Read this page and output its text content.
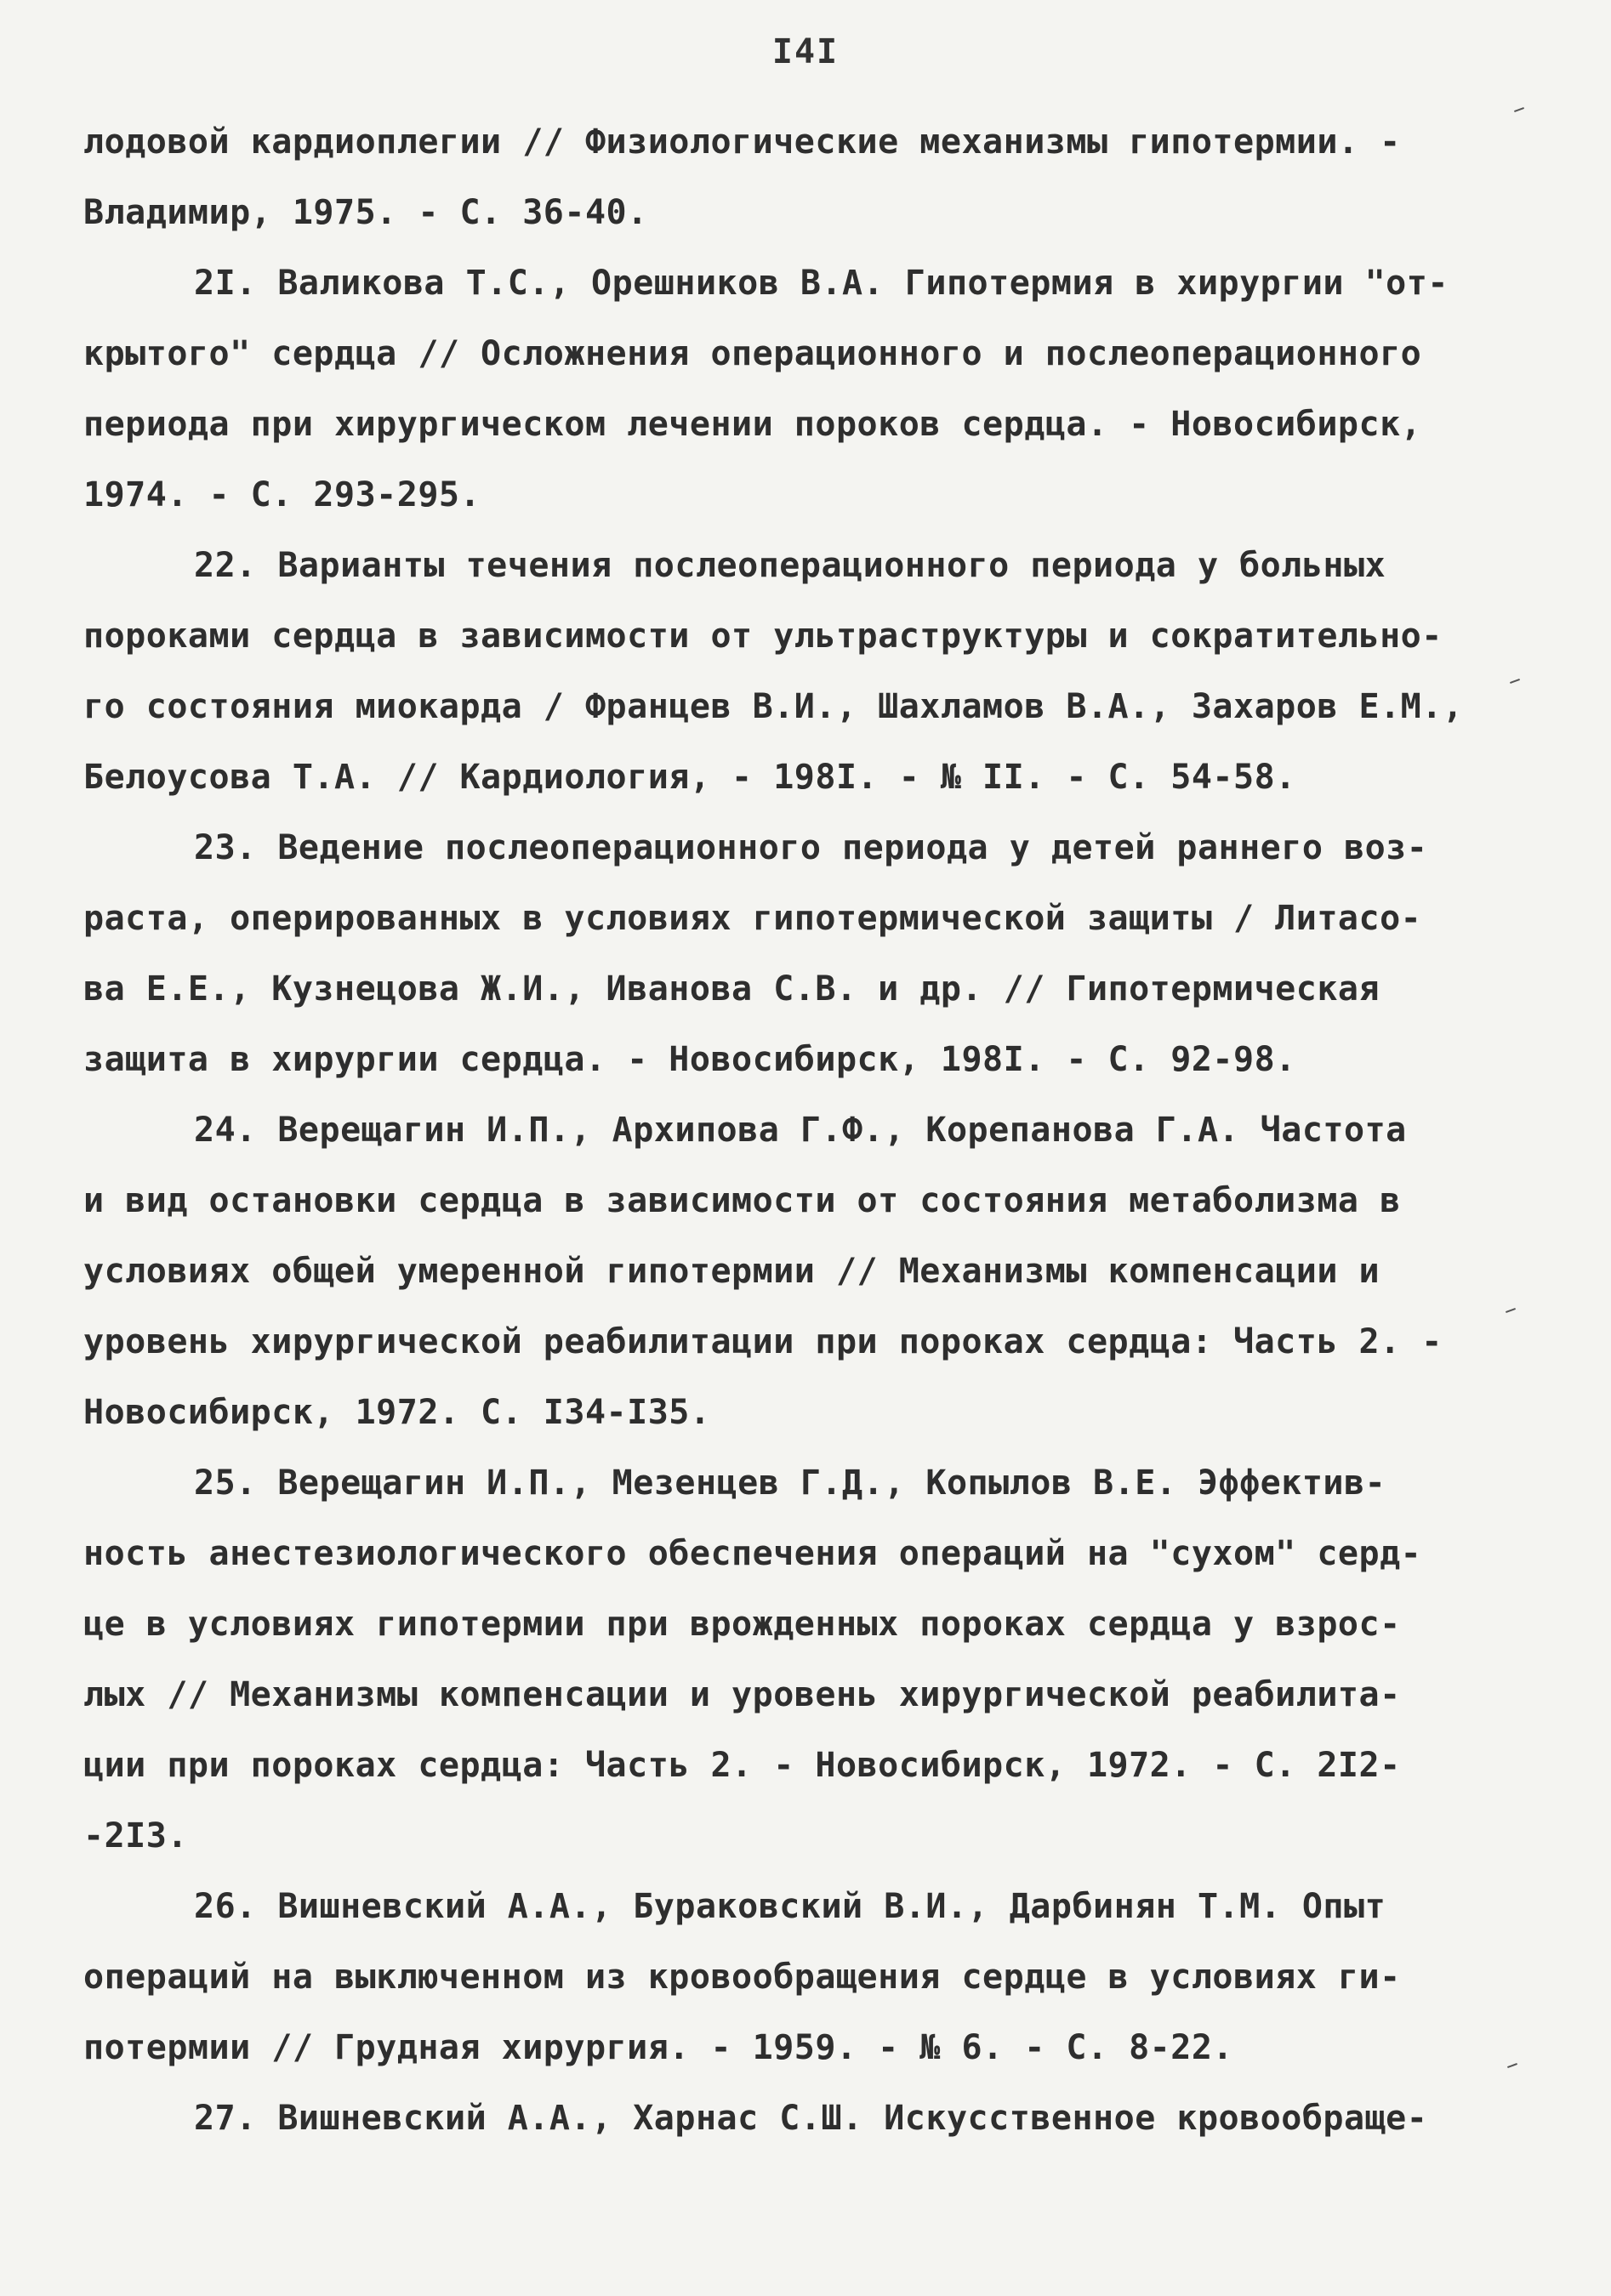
I4I
лодовой кардиоплегии // Физиологические механизмы гипотермии. -
Владимир, 1975. - С. 36-40.
2I. Валикова Т.С., Орешников В.А. Гипотермия в хирургии "от-
крытого" сердца // Осложнения операционного и послеоперационного
периода при хирургическом лечении пороков сердца. - Новосибирск,
1974. - С. 293-295.
22. Варианты течения послеоперационного периода у больных
пороками сердца в зависимости от ультраструктуры и сократительно-
го состояния миокарда / Францев В.И., Шахламов В.А., Захаров Е.М.,
Белоусова Т.А. // Кардиология, - 198I. - № II. - С. 54-58.
23. Ведение послеоперационного периода у детей раннего воз-
раста, оперированных в условиях гипотермической защиты / Литасо-
ва Е.Е., Кузнецова Ж.И., Иванова С.В. и др. // Гипотермическая
защита в хирургии сердца. - Новосибирск, 198I. - С. 92-98.
24. Верещагин И.П., Архипова Г.Ф., Корепанова Г.А. Частота
и вид остановки сердца в зависимости от состояния метаболизма в
условиях общей умеренной гипотермии // Механизмы компенсации и
уровень хирургической реабилитации при пороках сердца: Часть 2. -
Новосибирск, 1972. С. I34-I35.
25. Верещагин И.П., Мезенцев Г.Д., Копылов В.Е. Эффектив-
ность анестезиологического обеспечения операций на "сухом" серд-
це в условиях гипотермии при врожденных пороках сердца у взрос-
лых // Механизмы компенсации и уровень хирургической реабилита-
ции при пороках сердца: Часть 2. - Новосибирск, 1972. - С. 2I2-
-2I3.
26. Вишневский А.А., Бураковский В.И., Дарбинян Т.М. Опыт
операций на выключенном из кровообращения сердце в условиях ги-
потермии // Грудная хирургия. - 1959. - № 6. - С. 8-22.
27. Вишневский А.А., Харнас С.Ш. Искусственное кровообраще-
